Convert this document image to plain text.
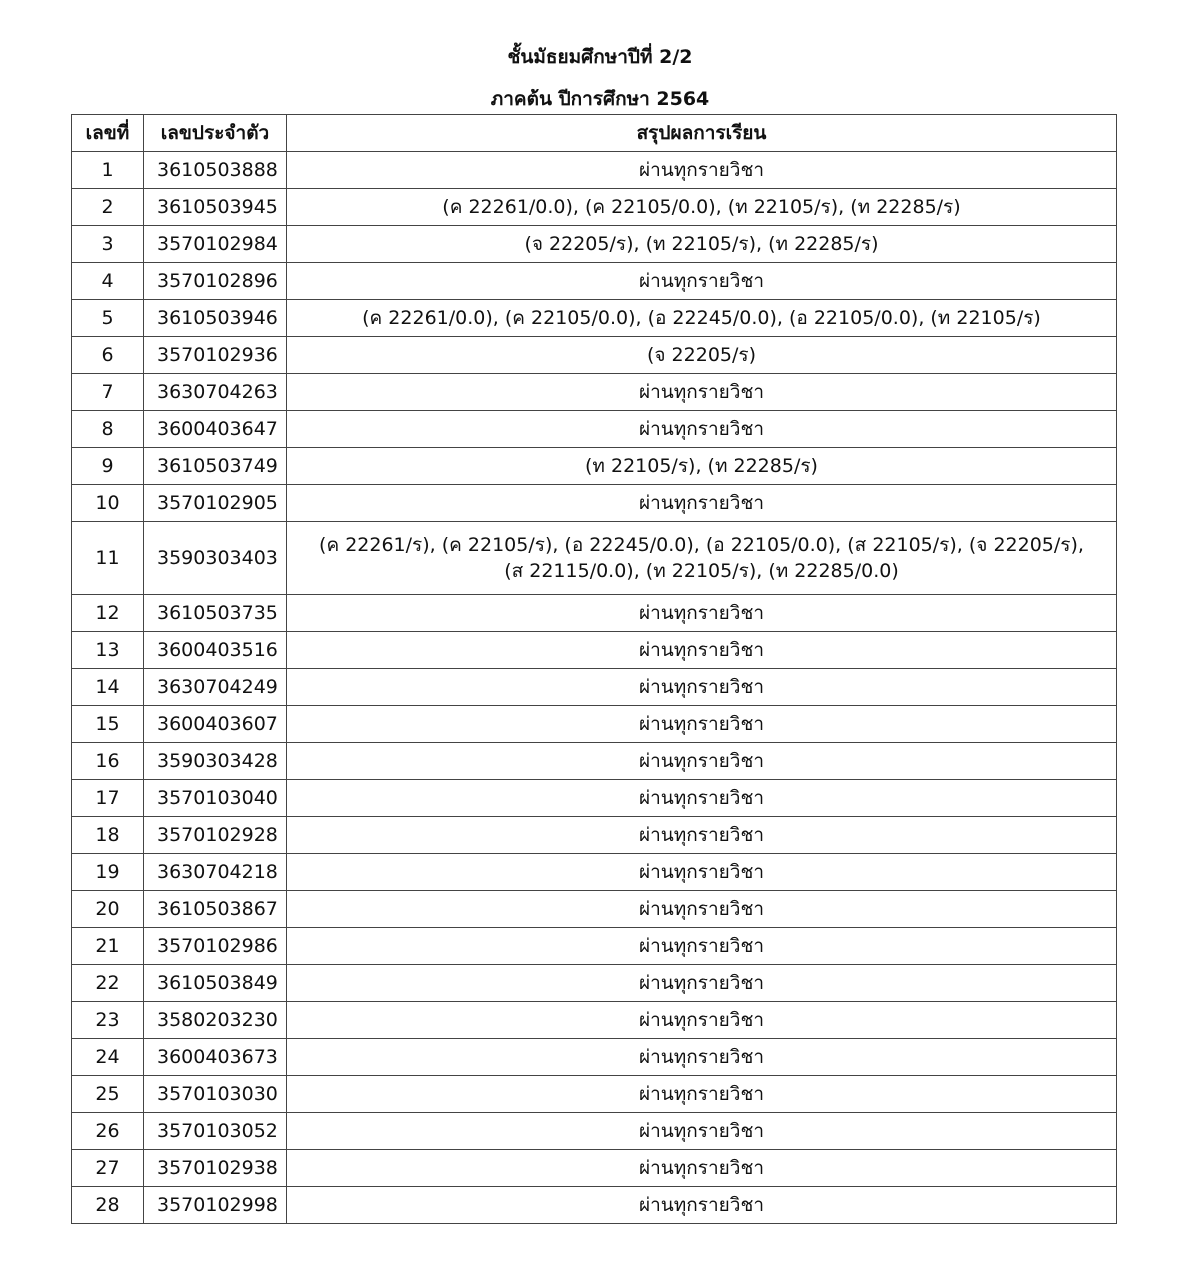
ชั้นมัธยมศึกษาปีที่ 2/2
ภาคต้น ปีการศึกษา 2564
เลขที่	เลขประจำตัว	สรุปผลการเรียน
1	3610503888	ผ่านทุกรายวิชา

2	3610503945	(ค 22261/0.0), (ค 22105/0.0), (ท 22105/ร), (ท 22285/ร)

3	3570102984	(จ 22205/ร), (ท 22105/ร), (ท 22285/ร)

4	3570102896	ผ่านทุกรายวิชา

5	3610503946	(ค 22261/0.0), (ค 22105/0.0), (อ 22245/0.0), (อ 22105/0.0), (ท 22105/ร)

6	3570102936	(จ 22205/ร)

7	3630704263	ผ่านทุกรายวิชา

8	3600403647	ผ่านทุกรายวิชา

9	3610503749	(ท 22105/ร), (ท 22285/ร)

10	3570102905	ผ่านทุกรายวิชา

11	3590303403	(ค 22261/ร), (ค 22105/ร), (อ 22245/0.0), (อ 22105/0.0), (ส 22105/ร), (จ 22205/ร),
(ส 22115/0.0), (ท 22105/ร), (ท 22285/0.0)

12	3610503735	ผ่านทุกรายวิชา

13	3600403516	ผ่านทุกรายวิชา

14	3630704249	ผ่านทุกรายวิชา

15	3600403607	ผ่านทุกรายวิชา

16	3590303428	ผ่านทุกรายวิชา

17	3570103040	ผ่านทุกรายวิชา

18	3570102928	ผ่านทุกรายวิชา

19	3630704218	ผ่านทุกรายวิชา

20	3610503867	ผ่านทุกรายวิชา

21	3570102986	ผ่านทุกรายวิชา

22	3610503849	ผ่านทุกรายวิชา

23	3580203230	ผ่านทุกรายวิชา

24	3600403673	ผ่านทุกรายวิชา

25	3570103030	ผ่านทุกรายวิชา

26	3570103052	ผ่านทุกรายวิชา

27	3570102938	ผ่านทุกรายวิชา

28	3570102998	ผ่านทุกรายวิชา
